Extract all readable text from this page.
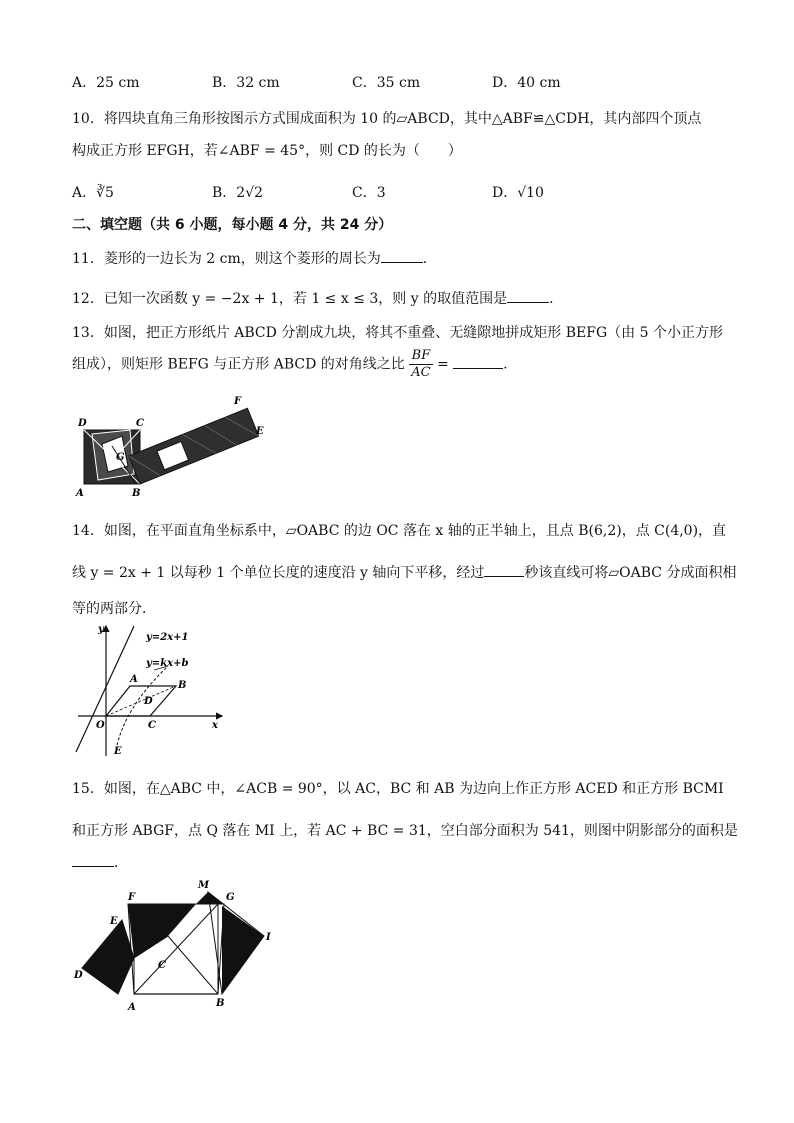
A．25 cm	B．32 cm	C．35 cm	D．40 cm
10．将四块直角三角形按图示方式围成面积为 10 的▱ABCD，其中△ABF≌△CDH，其内部四个顶点
构成正方形 EFGH，若∠ABF = 45°，则 CD 的长为（　　）
A．∛5	B．2√2	C．3	D．√10
二、填空题（共 6 小题，每小题 4 分，共 24 分）
11．菱形的一边长为 2 cm，则这个菱形的周长为	．
12．已知一次函数 y = −2x + 1，若 1 ≤ x ≤ 3，则 y 的取值范围是	．
13．如图，把正方形纸片 ABCD 分割成九块，将其不重叠、无缝隙地拼成矩形 BEFG（由 5 个小正方形
组成），则矩形 BEFG 与正方形 ABCD 的对角线之比 $\frac{BF}{AC}$ =	．
D	C
G
A	B
F
E
14．如图，在平面直角坐标系中，▱OABC 的边 OC 落在 x 轴的正半轴上，且点 B(6,2)，点 C(4,0)，直
线 y = 2x + 1 以每秒 1 个单位长度的速度沿 y 轴向下平移，经过	秒该直线可将▱OABC 分成面积相
等的两部分．
y
x
O
A
B
C
D
E
y=2x+1
y=kx+b
15．如图，在△ABC 中，∠ACB = 90°，以 AC，BC 和 AB 为边向上作正方形 ACED 和正方形 BCMI
和正方形 ABGF，点 Q 落在 MI 上，若 AC + BC = 31，空白部分面积为 541，则图中阴影部分的面积是
．
F
M
G
E
I
C
D
A	B
